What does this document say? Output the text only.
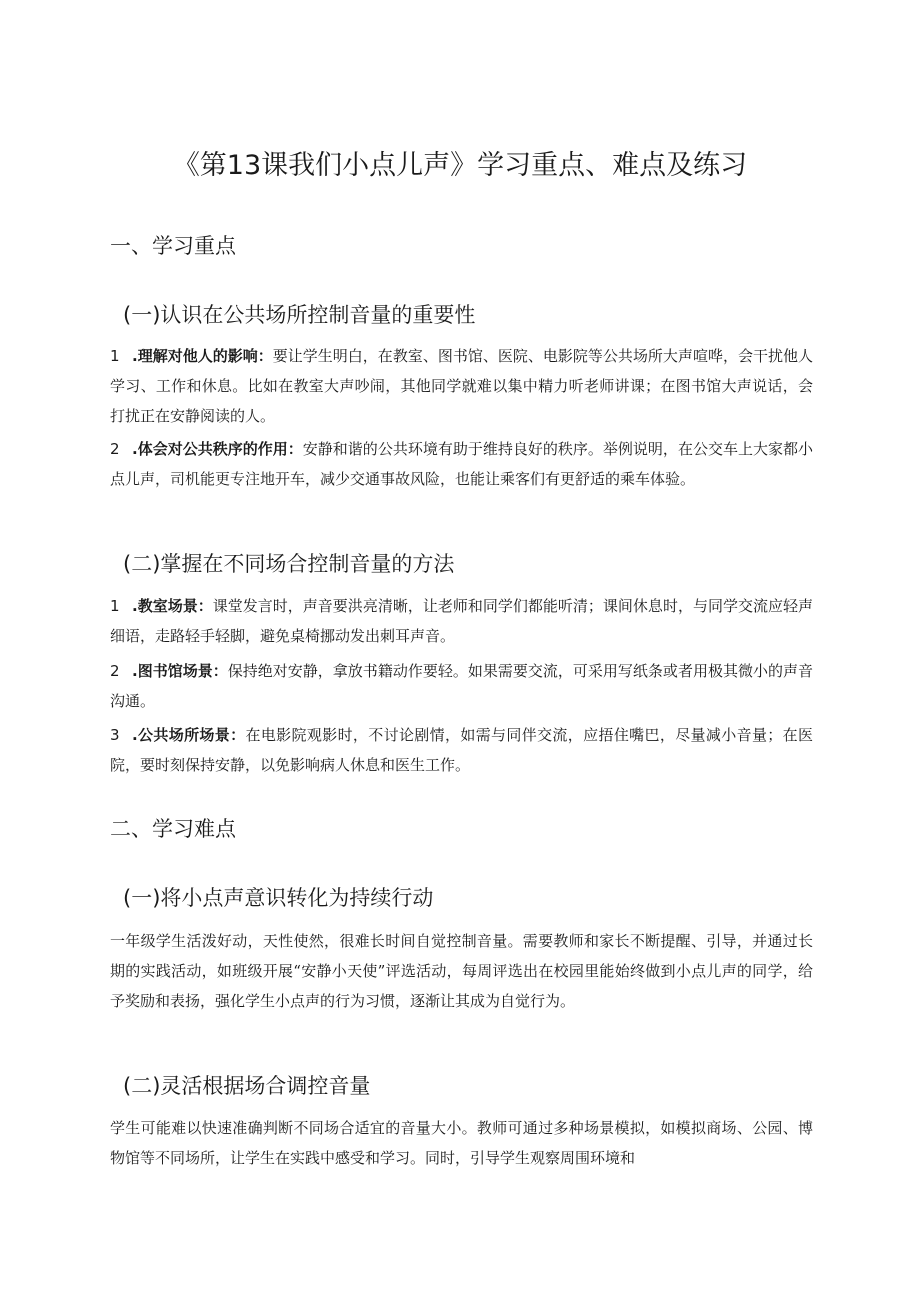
《第13课我们小点儿声》学习重点、难点及练习
一、学习重点
(一)认识在公共场所控制音量的重要性
1 .理解对他人的影响：要让学生明白，在教室、图书馆、医院、电影院等公共场所大声喧哗，会干扰他人学习、工作和休息。比如在教室大声吵闹，其他同学就难以集中精力听老师讲课；在图书馆大声说话，会打扰正在安静阅读的人。
2 .体会对公共秩序的作用：安静和谐的公共环境有助于维持良好的秩序。举例说明，在公交车上大家都小点儿声，司机能更专注地开车，减少交通事故风险，也能让乘客们有更舒适的乘车体验。
(二)掌握在不同场合控制音量的方法
1 .教室场景：课堂发言时，声音要洪亮清晰，让老师和同学们都能听清；课间休息时，与同学交流应轻声细语，走路轻手轻脚，避免桌椅挪动发出刺耳声音。
2 .图书馆场景：保持绝对安静，拿放书籍动作要轻。如果需要交流，可采用写纸条或者用极其微小的声音沟通。
3 .公共场所场景：在电影院观影时，不讨论剧情，如需与同伴交流，应捂住嘴巴，尽量减小音量；在医院，要时刻保持安静，以免影响病人休息和医生工作。
二、学习难点
(一)将小点声意识转化为持续行动

一年级学生活泼好动，天性使然，很难长时间自觉控制音量。需要教师和家长不断提醒、引导，并通过长期的实践活动，如班级开展“安静小天使”评选活动，每周评选出在校园里能始终做到小点儿声的同学，给予奖励和表扬，强化学生小点声的行为习惯，逐渐让其成为自觉行为。

(二)灵活根据场合调控音量

学生可能难以快速准确判断不同场合适宜的音量大小。教师可通过多种场景模拟，如模拟商场、公园、博物馆等不同场所，让学生在实践中感受和学习。同时，引导学生观察周围环境和
